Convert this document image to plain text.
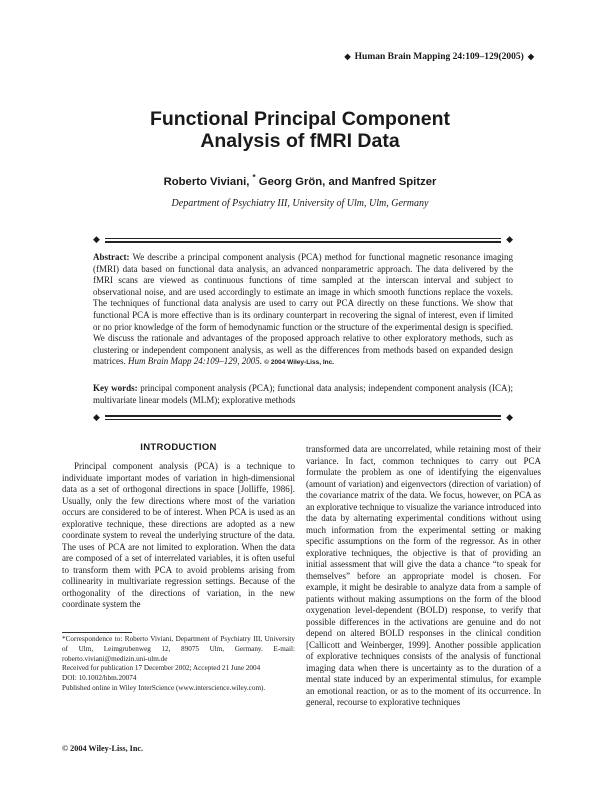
◆ Human Brain Mapping 24:109–129(2005) ◆
Functional Principal Component
Analysis of fMRI Data
Roberto Viviani, * Georg Grön, and Manfred Spitzer
Department of Psychiatry III, University of Ulm, Ulm, Germany
◆	◆
Abstract: We describe a principal component analysis (PCA) method for functional magnetic resonance imaging (fMRI) data based on functional data analysis, an advanced nonparametric approach. The data delivered by the fMRI scans are viewed as continuous functions of time sampled at the interscan interval and subject to observational noise, and are used accordingly to estimate an image in which smooth functions replace the voxels. The techniques of functional data analysis are used to carry out PCA directly on these functions. We show that functional PCA is more effective than is its ordinary counterpart in recovering the signal of interest, even if limited or no prior knowledge of the form of hemodynamic function or the structure of the experimental design is specified. We discuss the rationale and advantages of the proposed approach relative to other exploratory methods, such as clustering or independent component analysis, as well as the differences from methods based on expanded design matrices. Hum Brain Mapp 24:109–129, 2005. © 2004 Wiley-Liss, Inc.
Key words: principal component analysis (PCA); functional data analysis; independent component analysis (ICA); multivariate linear models (MLM); explorative methods
◆	◆
INTRODUCTION

Principal component analysis (PCA) is a technique to individuate important modes of variation in high-dimensional data as a set of orthogonal directions in space [Jolliffe, 1986]. Usually, only the few directions where most of the variation occurs are considered to be of interest. When PCA is used as an explorative technique, these directions are adopted as a new coordinate system to reveal the underlying structure of the data. The uses of PCA are not limited to exploration. When the data are composed of a set of interrelated variables, it is often useful to transform them with PCA to avoid problems arising from collinearity in multivariate regression settings. Because of the orthogonality of the directions of variation, in the new coordinate system the

transformed data are uncorrelated, while retaining most of their variance. In fact, common techniques to carry out PCA formulate the problem as one of identifying the eigenvalues (amount of variation) and eigenvectors (direction of variation) of the covariance matrix of the data. We focus, however, on PCA as an explorative technique to visualize the variance introduced into the data by alternating experimental conditions without using much information from the experimental setting or making specific assumptions on the form of the regressor. As in other explorative techniques, the objective is that of providing an initial assessment that will give the data a chance “to speak for themselves” before an appropriate model is chosen. For example, it might be desirable to analyze data from a sample of patients without making assumptions on the form of the blood oxygenation level-dependent (BOLD) response, to verify that possible differences in the activations are genuine and do not depend on altered BOLD responses in the clinical condition [Callicott and Weinberger, 1999]. Another possible application of explorative techniques consists of the analysis of functional imaging data when there is uncertainty as to the duration of a mental state induced by an experimental stimulus, for example an emotional reaction, or as to the moment of its occurrence. In general, recourse to explorative techniques

*Correspondence to: Roberto Viviani, Department of Psychiatry III, University of Ulm, Leimgrubenweg 12, 89075 Ulm, Germany. E-mail: roberto.viviani@medizin.uni-ulm.de

Received for publication 17 December 2002; Accepted 21 June 2004

DOI: 10.1002/hbm.20074

Published online in Wiley InterScience (www.interscience.wiley.com).

© 2004 Wiley-Liss, Inc.
